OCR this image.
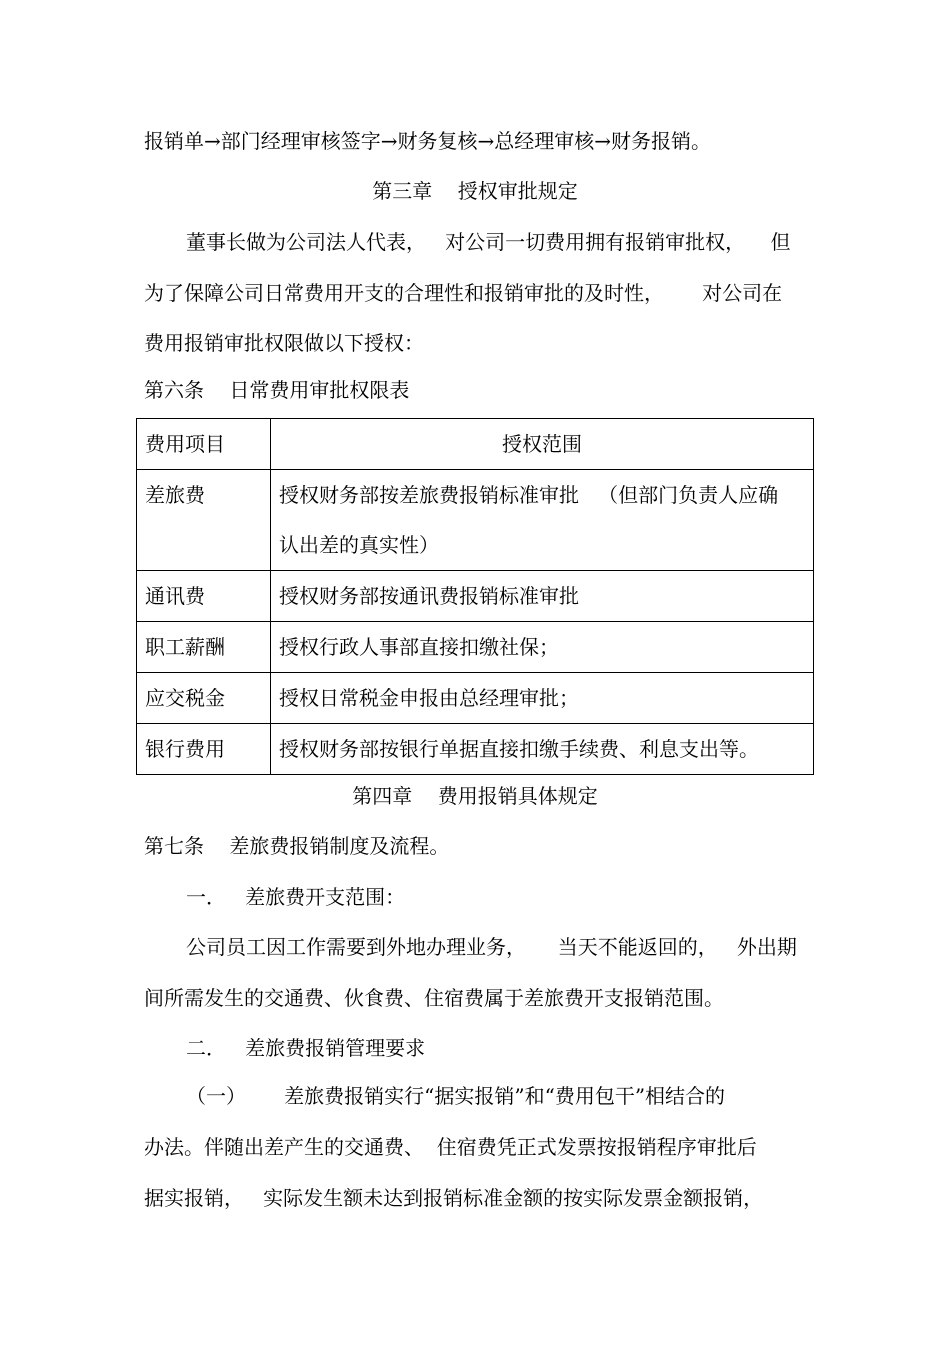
报销单→部门经理审核签字→财务复核→总经理审核→财务报销。
第三章    授权审批规定
董事长做为公司法人代表，   对公司一切费用拥有报销审批权，    但
为了保障公司日常费用开支的合理性和报销审批的及时性，      对公司在
费用报销审批权限做以下授权：
第六条    日常费用审批权限表
费用项目	授权范围
差旅费	授权财务部按差旅费报销标准审批   （但部门负责人应确
认出差的真实性）

通讯费	授权财务部按通讯费报销标准审批
职工薪酬	授权行政人事部直接扣缴社保；
应交税金	授权日常税金申报由总经理审批；
银行费用	授权财务部按银行单据直接扣缴手续费、利息支出等。
第四章    费用报销具体规定
第七条    差旅费报销制度及流程。
一．   差旅费开支范围：
公司员工因工作需要到外地办理业务，     当天不能返回的，   外出期
间所需发生的交通费、伙食费、住宿费属于差旅费开支报销范围。
二．   差旅费报销管理要求
（一）      差旅费报销实行“据实报销”和“费用包干”相结合的
办法。伴随出差产生的交通费、  住宿费凭正式发票按报销程序审批后
据实报销，   实际发生额未达到报销标准金额的按实际发票金额报销，
